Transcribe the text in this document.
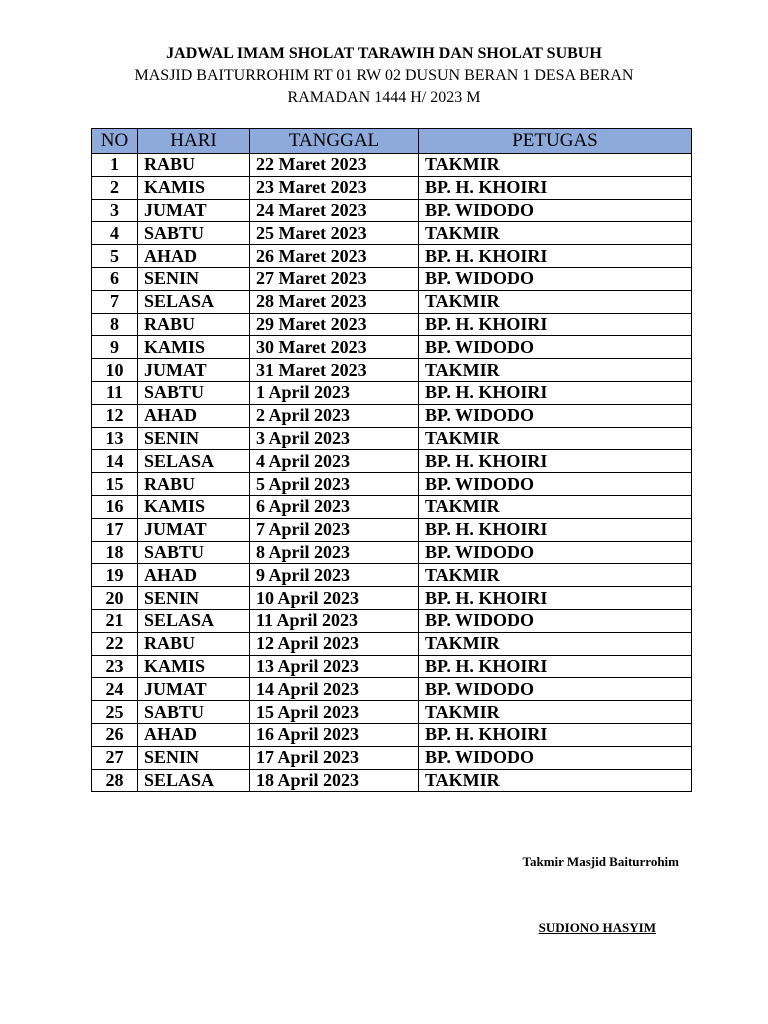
JADWAL IMAM SHOLAT TARAWIH DAN SHOLAT SUBUH
MASJID BAITURROHIM RT 01 RW 02 DUSUN BERAN 1 DESA BERAN
RAMADAN 1444 H/ 2023 M
NO	HARI	TANGGAL	PETUGAS
1	RABU	22 Maret 2023	TAKMIR
2	KAMIS	23 Maret 2023	BP. H. KHOIRI
3	JUMAT	24 Maret 2023	BP. WIDODO
4	SABTU	25 Maret 2023	TAKMIR
5	AHAD	26 Maret 2023	BP. H. KHOIRI
6	SENIN	27 Maret 2023	BP. WIDODO
7	SELASA	28 Maret 2023	TAKMIR
8	RABU	29 Maret 2023	BP. H. KHOIRI
9	KAMIS	30 Maret 2023	BP. WIDODO
10	JUMAT	31 Maret 2023	TAKMIR
11	SABTU	1 April 2023	BP. H. KHOIRI
12	AHAD	2 April 2023	BP. WIDODO
13	SENIN	3 April 2023	TAKMIR
14	SELASA	4 April 2023	BP. H. KHOIRI
15	RABU	5 April 2023	BP. WIDODO
16	KAMIS	6 April 2023	TAKMIR
17	JUMAT	7 April 2023	BP. H. KHOIRI
18	SABTU	8 April 2023	BP. WIDODO
19	AHAD	9 April 2023	TAKMIR
20	SENIN	10 April 2023	BP. H. KHOIRI
21	SELASA	11 April 2023	BP. WIDODO
22	RABU	12 April 2023	TAKMIR
23	KAMIS	13 April 2023	BP. H. KHOIRI
24	JUMAT	14 April 2023	BP. WIDODO
25	SABTU	15 April 2023	TAKMIR
26	AHAD	16 April 2023	BP. H. KHOIRI
27	SENIN	17 April 2023	BP. WIDODO
28	SELASA	18 April 2023	TAKMIR
Takmir Masjid Baiturrohim
SUDIONO HASYIM
